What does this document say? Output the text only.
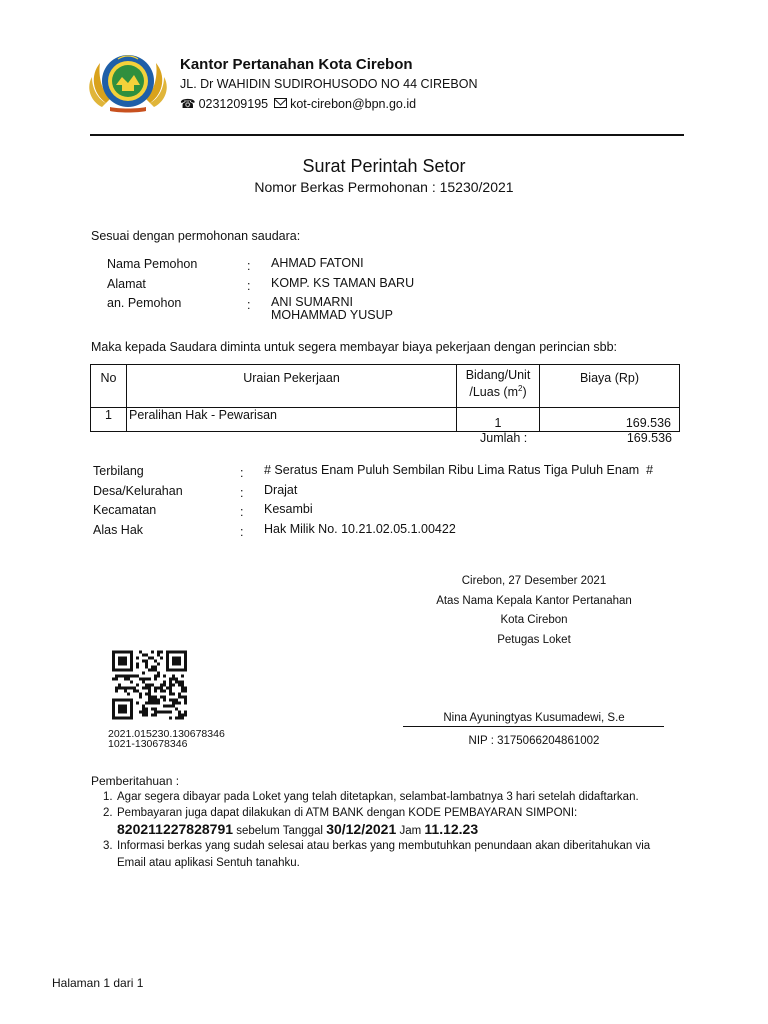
Kantor Pertanahan Kota Cirebon
JL. Dr WAHIDIN SUDIROHUSODO NO 44 CIREBON
☎ 0231209195 kot-cirebon@bpn.go.id
Surat Perintah Setor
Nomor Berkas Permohonan : 15230/2021
Sesuai dengan permohonan saudara:
Nama Pemohon	: AHMAD FATONI
Alamat	: KOMP. KS TAMAN BARU
an. Pemohon	: ANI SUMARNI
MOHAMMAD YUSUP
Maka kepada Saudara diminta untuk segera membayar biaya pekerjaan dengan perincian sbb:
No	Uraian Pekerjaan	Bidang/Unit
/Luas $(m^2)$	Biaya (Rp)
1	Peralihan Hak - Pewarisan	1	169.536
Jumlah :	169.536
Terbilang	: # Seratus Enam Puluh Sembilan Ribu Lima Ratus Tiga Puluh Enam  #
Desa/Kelurahan	: Drajat
Kecamatan	: Kesambi
Alas Hak	: Hak Milik No. 10.21.02.05.1.00422
Cirebon, 27 Desember 2021
Atas Nama Kepala Kantor Pertanahan
Kota Cirebon
Petugas Loket
Nina Ayuningtyas Kusumadewi, S.e
NIP : 3175066204861002
2021.015230.130678346
1021-130678346
Pemberitahuan :
1. Agar segera dibayar pada Loket yang telah ditetapkan, selambat-lambatnya 3 hari setelah didaftarkan.
2. Pembayaran juga dapat dilakukan di ATM BANK dengan KODE PEMBAYARAN SIMPONI:
820211227828791 sebelum Tanggal 30/12/2021 Jam 11.12.23
3. Informasi berkas yang sudah selesai atau berkas yang membutuhkan penundaan akan diberitahukan via
Email atau aplikasi Sentuh tanahku.
Halaman 1 dari 1
